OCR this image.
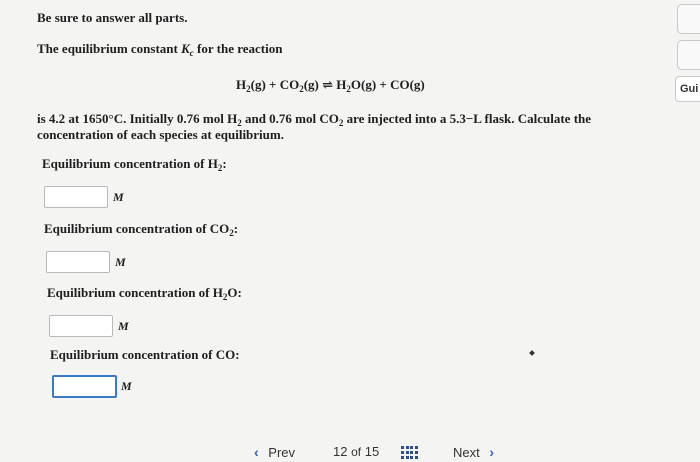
Be sure to answer all parts.
The equilibrium constant $K_c$ for the reaction
$H_2(g) + CO_2(g)$ ⇌ $H_2O(g) + CO(g)$
is 4.2 at 1650°C. Initially 0.76 mol $H_2$ and 0.76 mol $CO_2$ are injected into a 5.3−L flask. Calculate the
concentration of each species at equilibrium.
Equilibrium concentration of $H_2$:
M
Equilibrium concentration of $CO_2$:
M
Equilibrium concentration of $H_2O$:
M
Equilibrium concentration of CO:
M
Gui
‹ Prev	12 of 15	Next ›
